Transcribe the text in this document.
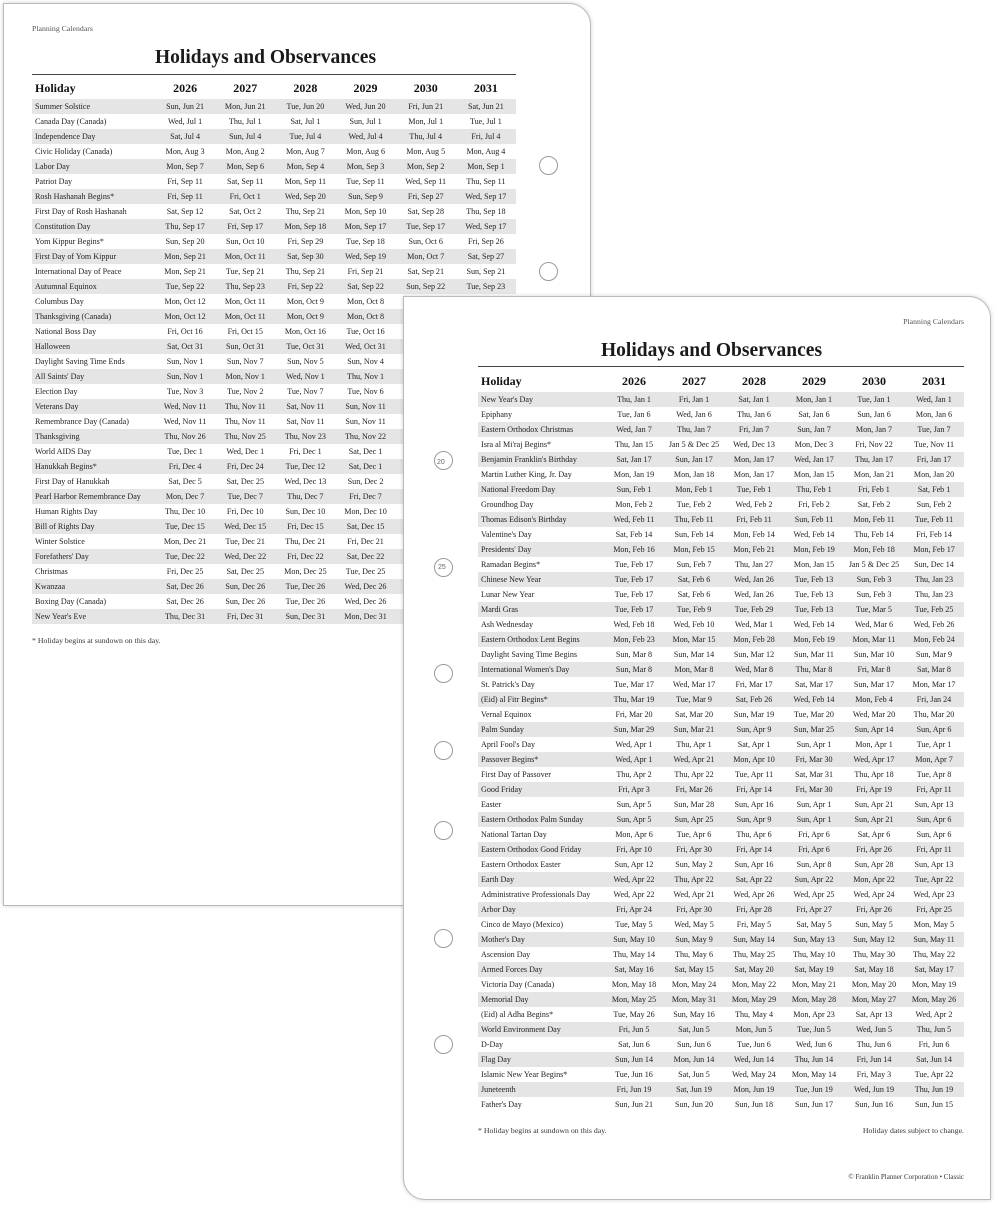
Planning Calendars
Holidays and Observances
Holiday	2026	2027	2028	2029	2030	2031
Summer Solstice	Sun, Jun 21	Mon, Jun 21	Tue, Jun 20	Wed, Jun 20	Fri, Jun 21	Sat, Jun 21
Canada Day (Canada)	Wed, Jul 1	Thu, Jul 1	Sat, Jul 1	Sun, Jul 1	Mon, Jul 1	Tue, Jul 1
Independence Day	Sat, Jul 4	Sun, Jul 4	Tue, Jul 4	Wed, Jul 4	Thu, Jul 4	Fri, Jul 4
Civic Holiday (Canada)	Mon, Aug 3	Mon, Aug 2	Mon, Aug 7	Mon, Aug 6	Mon, Aug 5	Mon, Aug 4
Labor Day	Mon, Sep 7	Mon, Sep 6	Mon, Sep 4	Mon, Sep 3	Mon, Sep 2	Mon, Sep 1
Patriot Day	Fri, Sep 11	Sat, Sep 11	Mon, Sep 11	Tue, Sep 11	Wed, Sep 11	Thu, Sep 11
Rosh Hashanah Begins*	Fri, Sep 11	Fri, Oct 1	Wed, Sep 20	Sun, Sep 9	Fri, Sep 27	Wed, Sep 17
First Day of Rosh Hashanah	Sat, Sep 12	Sat, Oct 2	Thu, Sep 21	Mon, Sep 10	Sat, Sep 28	Thu, Sep 18
Constitution Day	Thu, Sep 17	Fri, Sep 17	Mon, Sep 18	Mon, Sep 17	Tue, Sep 17	Wed, Sep 17
Yom Kippur Begins*	Sun, Sep 20	Sun, Oct 10	Fri, Sep 29	Tue, Sep 18	Sun, Oct 6	Fri, Sep 26
First Day of Yom Kippur	Mon, Sep 21	Mon, Oct 11	Sat, Sep 30	Wed, Sep 19	Mon, Oct 7	Sat, Sep 27
International Day of Peace	Mon, Sep 21	Tue, Sep 21	Thu, Sep 21	Fri, Sep 21	Sat, Sep 21	Sun, Sep 21
Autumnal Equinox	Tue, Sep 22	Thu, Sep 23	Fri, Sep 22	Sat, Sep 22	Sun, Sep 22	Tue, Sep 23
Columbus Day	Mon, Oct 12	Mon, Oct 11	Mon, Oct 9	Mon, Oct 8		
Thanksgiving (Canada)	Mon, Oct 12	Mon, Oct 11	Mon, Oct 9	Mon, Oct 8		
National Boss Day	Fri, Oct 16	Fri, Oct 15	Mon, Oct 16	Tue, Oct 16		
Halloween	Sat, Oct 31	Sun, Oct 31	Tue, Oct 31	Wed, Oct 31		
Daylight Saving Time Ends	Sun, Nov 1	Sun, Nov 7	Sun, Nov 5	Sun, Nov 4		
All Saints' Day	Sun, Nov 1	Mon, Nov 1	Wed, Nov 1	Thu, Nov 1		
Election Day	Tue, Nov 3	Tue, Nov 2	Tue, Nov 7	Tue, Nov 6		
Veterans Day	Wed, Nov 11	Thu, Nov 11	Sat, Nov 11	Sun, Nov 11		
Remembrance Day (Canada)	Wed, Nov 11	Thu, Nov 11	Sat, Nov 11	Sun, Nov 11		
Thanksgiving	Thu, Nov 26	Thu, Nov 25	Thu, Nov 23	Thu, Nov 22		
World AIDS Day	Tue, Dec 1	Wed, Dec 1	Fri, Dec 1	Sat, Dec 1		
Hanukkah Begins*	Fri, Dec 4	Fri, Dec 24	Tue, Dec 12	Sat, Dec 1		
First Day of Hanukkah	Sat, Dec 5	Sat, Dec 25	Wed, Dec 13	Sun, Dec 2		
Pearl Harbor Remembrance Day	Mon, Dec 7	Tue, Dec 7	Thu, Dec 7	Fri, Dec 7		
Human Rights Day	Thu, Dec 10	Fri, Dec 10	Sun, Dec 10	Mon, Dec 10		
Bill of Rights Day	Tue, Dec 15	Wed, Dec 15	Fri, Dec 15	Sat, Dec 15		
Winter Solstice	Mon, Dec 21	Tue, Dec 21	Thu, Dec 21	Fri, Dec 21		
Forefathers' Day	Tue, Dec 22	Wed, Dec 22	Fri, Dec 22	Sat, Dec 22		
Christmas	Fri, Dec 25	Sat, Dec 25	Mon, Dec 25	Tue, Dec 25		
Kwanzaa	Sat, Dec 26	Sun, Dec 26	Tue, Dec 26	Wed, Dec 26		
Boxing Day (Canada)	Sat, Dec 26	Sun, Dec 26	Tue, Dec 26	Wed, Dec 26		
New Year's Eve	Thu, Dec 31	Fri, Dec 31	Sun, Dec 31	Mon, Dec 31		
* Holiday begins at sundown on this day.
Planning Calendars
Holidays and Observances
Holiday	2026	2027	2028	2029	2030	2031
New Year's Day	Thu, Jan 1	Fri, Jan 1	Sat, Jan 1	Mon, Jan 1	Tue, Jan 1	Wed, Jan 1
Epiphany	Tue, Jan 6	Wed, Jan 6	Thu, Jan 6	Sat, Jan 6	Sun, Jan 6	Mon, Jan 6
Eastern Orthodox Christmas	Wed, Jan 7	Thu, Jan 7	Fri, Jan 7	Sun, Jan 7	Mon, Jan 7	Tue, Jan 7
Isra al Mi'raj Begins*	Thu, Jan 15	Jan 5 & Dec 25	Wed, Dec 13	Mon, Dec 3	Fri, Nov 22	Tue, Nov 11
Benjamin Franklin's Birthday	Sat, Jan 17	Sun, Jan 17	Mon, Jan 17	Wed, Jan 17	Thu, Jan 17	Fri, Jan 17
Martin Luther King, Jr. Day	Mon, Jan 19	Mon, Jan 18	Mon, Jan 17	Mon, Jan 15	Mon, Jan 21	Mon, Jan 20
National Freedom Day	Sun, Feb 1	Mon, Feb 1	Tue, Feb 1	Thu, Feb 1	Fri, Feb 1	Sat, Feb 1
Groundhog Day	Mon, Feb 2	Tue, Feb 2	Wed, Feb 2	Fri, Feb 2	Sat, Feb 2	Sun, Feb 2
Thomas Edison's Birthday	Wed, Feb 11	Thu, Feb 11	Fri, Feb 11	Sun, Feb 11	Mon, Feb 11	Tue, Feb 11
Valentine's Day	Sat, Feb 14	Sun, Feb 14	Mon, Feb 14	Wed, Feb 14	Thu, Feb 14	Fri, Feb 14
Presidents' Day	Mon, Feb 16	Mon, Feb 15	Mon, Feb 21	Mon, Feb 19	Mon, Feb 18	Mon, Feb 17
Ramadan Begins*	Tue, Feb 17	Sun, Feb 7	Thu, Jan 27	Mon, Jan 15	Jan 5 & Dec 25	Sun, Dec 14
Chinese New Year	Tue, Feb 17	Sat, Feb 6	Wed, Jan 26	Tue, Feb 13	Sun, Feb 3	Thu, Jan 23
Lunar New Year	Tue, Feb 17	Sat, Feb 6	Wed, Jan 26	Tue, Feb 13	Sun, Feb 3	Thu, Jan 23
Mardi Gras	Tue, Feb 17	Tue, Feb 9	Tue, Feb 29	Tue, Feb 13	Tue, Mar 5	Tue, Feb 25
Ash Wednesday	Wed, Feb 18	Wed, Feb 10	Wed, Mar 1	Wed, Feb 14	Wed, Mar 6	Wed, Feb 26
Eastern Orthodox Lent Begins	Mon, Feb 23	Mon, Mar 15	Mon, Feb 28	Mon, Feb 19	Mon, Mar 11	Mon, Feb 24
Daylight Saving Time Begins	Sun, Mar 8	Sun, Mar 14	Sun, Mar 12	Sun, Mar 11	Sun, Mar 10	Sun, Mar 9
International Women's Day	Sun, Mar 8	Mon, Mar 8	Wed, Mar 8	Thu, Mar 8	Fri, Mar 8	Sat, Mar 8
St. Patrick's Day	Tue, Mar 17	Wed, Mar 17	Fri, Mar 17	Sat, Mar 17	Sun, Mar 17	Mon, Mar 17
(Eid) al Fitr Begins*	Thu, Mar 19	Tue, Mar 9	Sat, Feb 26	Wed, Feb 14	Mon, Feb 4	Fri, Jan 24
Vernal Equinox	Fri, Mar 20	Sat, Mar 20	Sun, Mar 19	Tue, Mar 20	Wed, Mar 20	Thu, Mar 20
Palm Sunday	Sun, Mar 29	Sun, Mar 21	Sun, Apr 9	Sun, Mar 25	Sun, Apr 14	Sun, Apr 6
April Fool's Day	Wed, Apr 1	Thu, Apr 1	Sat, Apr 1	Sun, Apr 1	Mon, Apr 1	Tue, Apr 1
Passover Begins*	Wed, Apr 1	Wed, Apr 21	Mon, Apr 10	Fri, Mar 30	Wed, Apr 17	Mon, Apr 7
First Day of Passover	Thu, Apr 2	Thu, Apr 22	Tue, Apr 11	Sat, Mar 31	Thu, Apr 18	Tue, Apr 8
Good Friday	Fri, Apr 3	Fri, Mar 26	Fri, Apr 14	Fri, Mar 30	Fri, Apr 19	Fri, Apr 11
Easter	Sun, Apr 5	Sun, Mar 28	Sun, Apr 16	Sun, Apr 1	Sun, Apr 21	Sun, Apr 13
Eastern Orthodox Palm Sunday	Sun, Apr 5	Sun, Apr 25	Sun, Apr 9	Sun, Apr 1	Sun, Apr 21	Sun, Apr 6
National Tartan Day	Mon, Apr 6	Tue, Apr 6	Thu, Apr 6	Fri, Apr 6	Sat, Apr 6	Sun, Apr 6
Eastern Orthodox Good Friday	Fri, Apr 10	Fri, Apr 30	Fri, Apr 14	Fri, Apr 6	Fri, Apr 26	Fri, Apr 11
Eastern Orthodox Easter	Sun, Apr 12	Sun, May 2	Sun, Apr 16	Sun, Apr 8	Sun, Apr 28	Sun, Apr 13
Earth Day	Wed, Apr 22	Thu, Apr 22	Sat, Apr 22	Sun, Apr 22	Mon, Apr 22	Tue, Apr 22
Administrative Professionals Day	Wed, Apr 22	Wed, Apr 21	Wed, Apr 26	Wed, Apr 25	Wed, Apr 24	Wed, Apr 23
Arbor Day	Fri, Apr 24	Fri, Apr 30	Fri, Apr 28	Fri, Apr 27	Fri, Apr 26	Fri, Apr 25
Cinco de Mayo (Mexico)	Tue, May 5	Wed, May 5	Fri, May 5	Sat, May 5	Sun, May 5	Mon, May 5
Mother's Day	Sun, May 10	Sun, May 9	Sun, May 14	Sun, May 13	Sun, May 12	Sun, May 11
Ascension Day	Thu, May 14	Thu, May 6	Thu, May 25	Thu, May 10	Thu, May 30	Thu, May 22
Armed Forces Day	Sat, May 16	Sat, May 15	Sat, May 20	Sat, May 19	Sat, May 18	Sat, May 17
Victoria Day (Canada)	Mon, May 18	Mon, May 24	Mon, May 22	Mon, May 21	Mon, May 20	Mon, May 19
Memorial Day	Mon, May 25	Mon, May 31	Mon, May 29	Mon, May 28	Mon, May 27	Mon, May 26
(Eid) al Adha Begins*	Tue, May 26	Sun, May 16	Thu, May 4	Mon, Apr 23	Sat, Apr 13	Wed, Apr 2
World Environment Day	Fri, Jun 5	Sat, Jun 5	Mon, Jun 5	Tue, Jun 5	Wed, Jun 5	Thu, Jun 5
D-Day	Sat, Jun 6	Sun, Jun 6	Tue, Jun 6	Wed, Jun 6	Thu, Jun 6	Fri, Jun 6
Flag Day	Sun, Jun 14	Mon, Jun 14	Wed, Jun 14	Thu, Jun 14	Fri, Jun 14	Sat, Jun 14
Islamic New Year Begins*	Tue, Jun 16	Sat, Jun 5	Wed, May 24	Mon, May 14	Fri, May 3	Tue, Apr 22
Juneteenth	Fri, Jun 19	Sat, Jun 19	Mon, Jun 19	Tue, Jun 19	Wed, Jun 19	Thu, Jun 19
Father's Day	Sun, Jun 21	Sun, Jun 20	Sun, Jun 18	Sun, Jun 17	Sun, Jun 16	Sun, Jun 15
* Holiday begins at sundown on this day.	Holiday dates subject to change.
© Franklin Planner Corporation • Classic
20
25
